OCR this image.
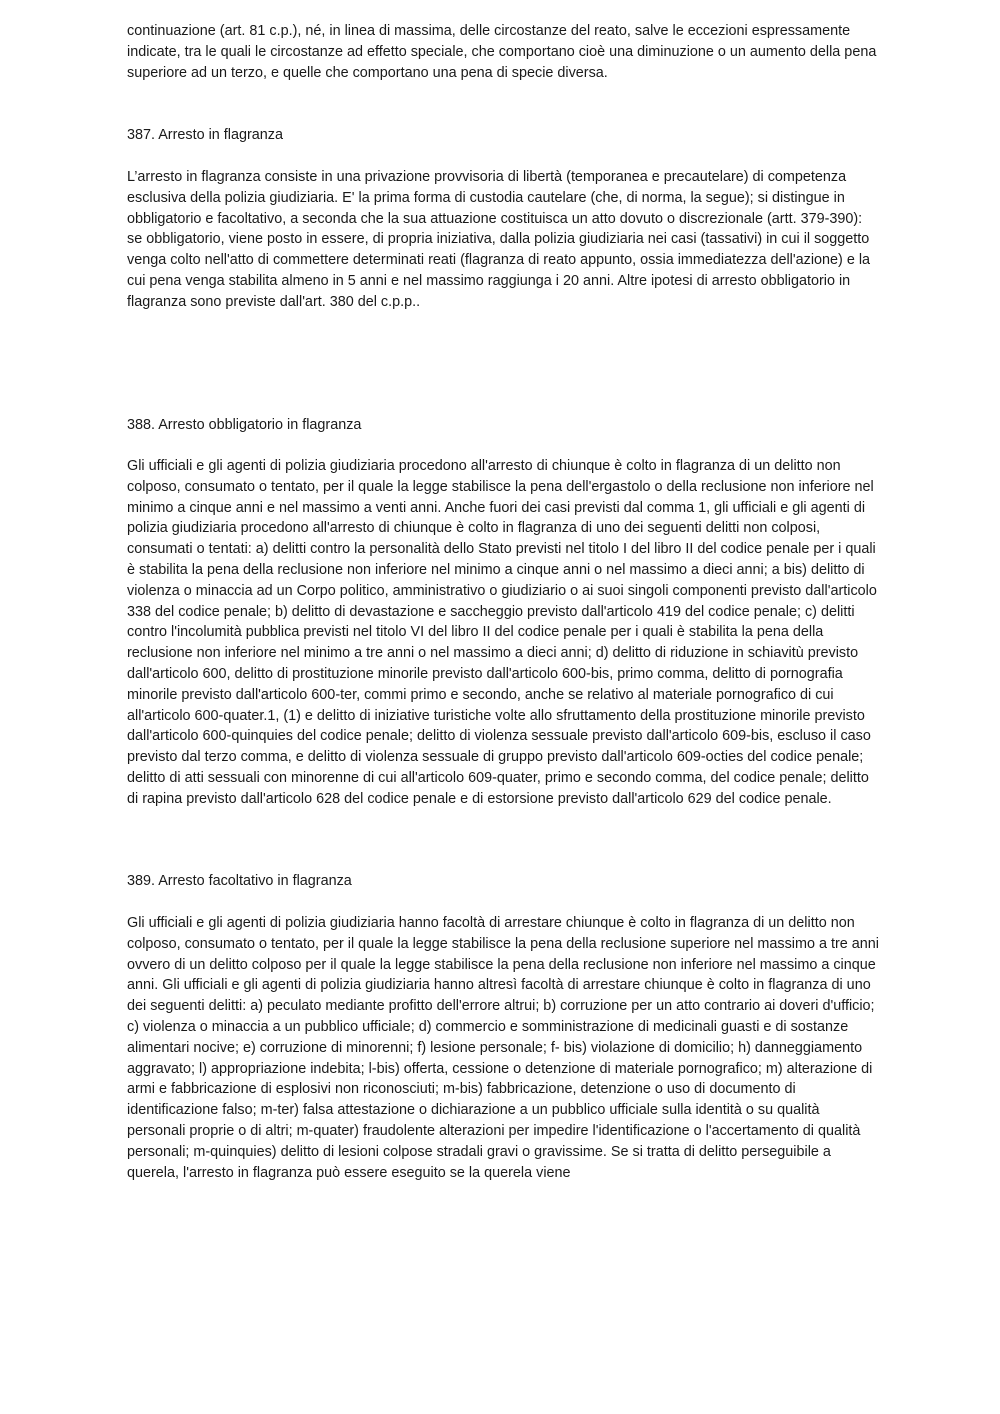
continuazione (art. 81 c.p.), né, in linea di massima, delle circostanze del reato, salve le eccezioni espressamente indicate, tra le quali le circostanze ad effetto speciale, che comportano cioè una diminuzione o un aumento della pena superiore ad un terzo, e quelle che comportano una pena di specie diversa.
387. Arresto in flagranza
L’arresto in flagranza consiste in una privazione provvisoria di libertà (temporanea e precautelare) di competenza esclusiva della polizia giudiziaria. E' la prima forma di custodia cautelare (che, di norma, la segue); si distingue in obbligatorio e facoltativo, a seconda che la sua attuazione costituisca un atto dovuto o discrezionale (artt. 379-390): se obbligatorio, viene posto in essere, di propria iniziativa, dalla polizia giudiziaria nei casi (tassativi) in cui il soggetto venga colto nell'atto di commettere determinati reati (flagranza di reato appunto, ossia immediatezza dell'azione) e la cui pena venga stabilita almeno in 5 anni e nel massimo raggiunga i 20 anni. Altre ipotesi di arresto obbligatorio in flagranza sono previste dall'art. 380 del c.p.p..
388. Arresto obbligatorio in flagranza
Gli ufficiali e gli agenti di polizia giudiziaria procedono all'arresto di chiunque è colto in flagranza di un delitto non colposo, consumato o tentato, per il quale la legge stabilisce la pena dell'ergastolo o della reclusione non inferiore nel minimo a cinque anni e nel massimo a venti anni. Anche fuori dei casi previsti dal comma 1, gli ufficiali e gli agenti di polizia giudiziaria procedono all'arresto di chiunque è colto in flagranza di uno dei seguenti delitti non colposi, consumati o tentati: a) delitti contro la personalità dello Stato previsti nel titolo I del libro II del codice penale per i quali è stabilita la pena della reclusione non inferiore nel minimo a cinque anni o nel massimo a dieci anni; a bis) delitto di violenza o minaccia ad un Corpo politico, amministrativo o giudiziario o ai suoi singoli componenti previsto dall'articolo 338 del codice penale; b) delitto di devastazione e saccheggio previsto dall'articolo 419 del codice penale; c) delitti contro l'incolumità pubblica previsti nel titolo VI del libro II del codice penale per i quali è stabilita la pena della reclusione non inferiore nel minimo a tre anni o nel massimo a dieci anni; d) delitto di riduzione in schiavitù previsto dall'articolo 600, delitto di prostituzione minorile previsto dall'articolo 600-bis, primo comma, delitto di pornografia minorile previsto dall'articolo 600-ter, commi primo e secondo, anche se relativo al materiale pornografico di cui all'articolo 600-quater.1, (1) e delitto di iniziative turistiche volte allo sfruttamento della prostituzione minorile previsto dall'articolo 600-quinquies del codice penale; delitto di violenza sessuale previsto dall'articolo 609-bis, escluso il caso previsto dal terzo comma, e delitto di violenza sessuale di gruppo previsto dall'articolo 609-octies del codice penale; delitto di atti sessuali con minorenne di cui all'articolo 609-quater, primo e secondo comma, del codice penale; delitto di rapina previsto dall'articolo 628 del codice penale e di estorsione previsto dall'articolo 629 del codice penale.
389. Arresto facoltativo in flagranza
Gli ufficiali e gli agenti di polizia giudiziaria hanno facoltà di arrestare chiunque è colto in flagranza di un delitto non colposo, consumato o tentato, per il quale la legge stabilisce la pena della reclusione superiore nel massimo a tre anni ovvero di un delitto colposo per il quale la legge stabilisce la pena della reclusione non inferiore nel massimo a cinque anni. Gli ufficiali e gli agenti di polizia giudiziaria hanno altresì facoltà di arrestare chiunque è colto in flagranza di uno dei seguenti delitti: a) peculato mediante profitto dell'errore altrui; b) corruzione per un atto contrario ai doveri d'ufficio; c) violenza o minaccia a un pubblico ufficiale; d) commercio e somministrazione di medicinali guasti e di sostanze alimentari nocive; e) corruzione di minorenni; f) lesione personale; f- bis) violazione di domicilio; h) danneggiamento aggravato; l) appropriazione indebita; l-bis) offerta, cessione o detenzione di materiale pornografico; m) alterazione di armi e fabbricazione di esplosivi non riconosciuti; m-bis) fabbricazione, detenzione o uso di documento di identificazione falso; m-ter) falsa attestazione o dichiarazione a un pubblico ufficiale sulla identità o su qualità personali proprie o di altri; m-quater) fraudolente alterazioni per impedire l'identificazione o l'accertamento di qualità personali; m-quinquies) delitto di lesioni colpose stradali gravi o gravissime. Se si tratta di delitto perseguibile a querela, l'arresto in flagranza può essere eseguito se la querela viene
